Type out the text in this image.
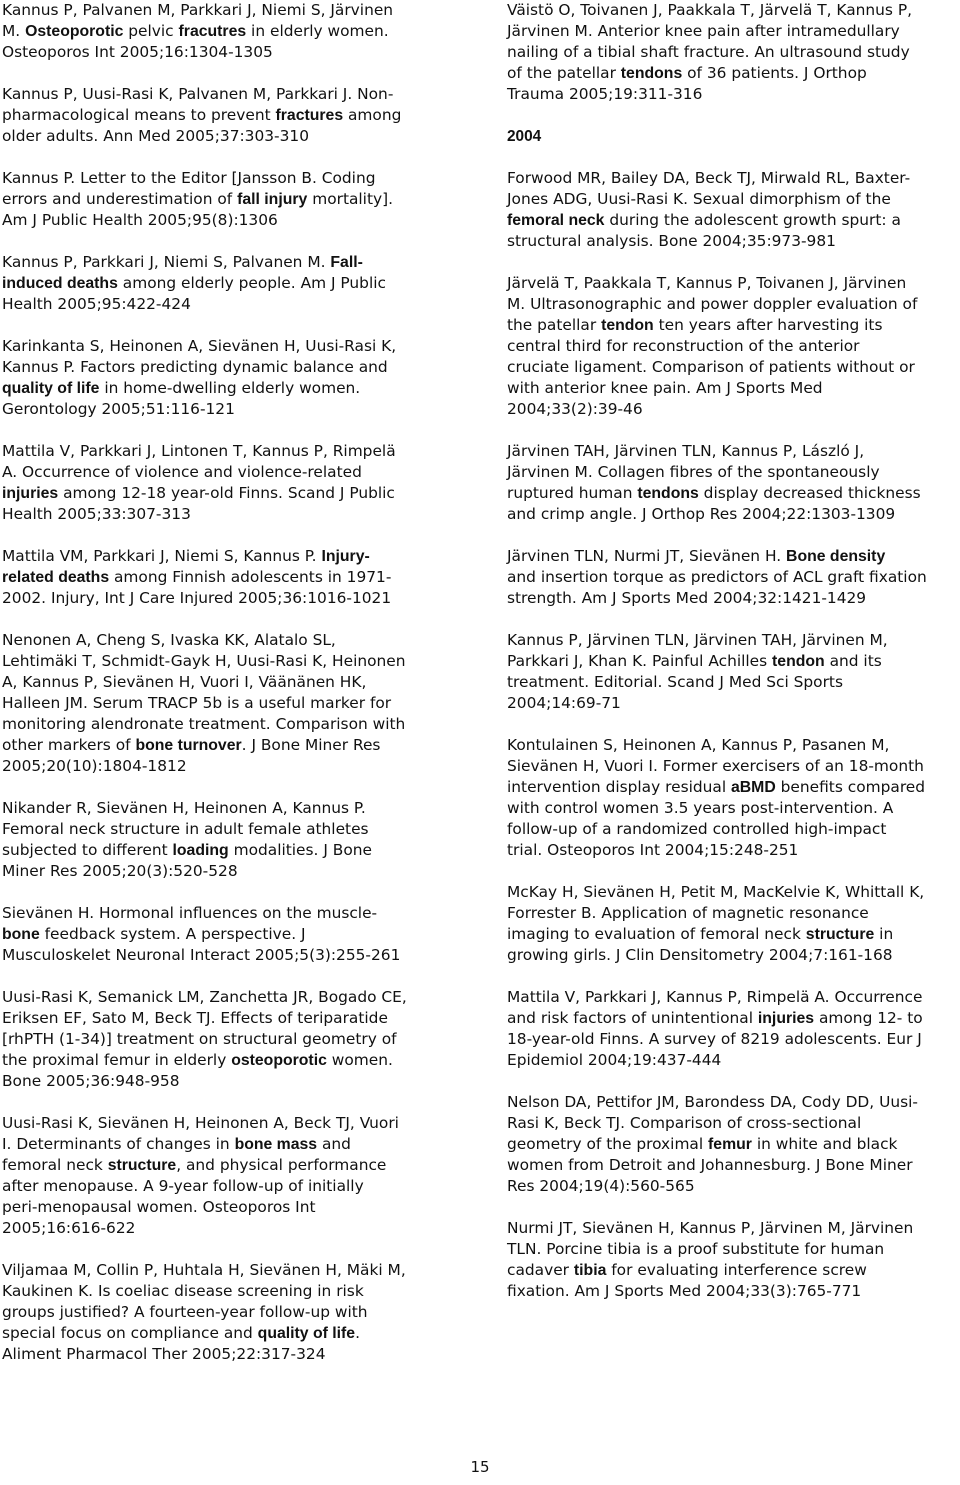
Kannus P, Palvanen M, Parkkari J, Niemi S, Järvinen
M. Osteoporotic pelvic fracutres in elderly women.
Osteoporos Int 2005;16:1304-1305
Kannus P, Uusi-Rasi K, Palvanen M, Parkkari J. Non-
pharmacological means to prevent fractures among
older adults. Ann Med 2005;37:303-310
Kannus P. Letter to the Editor [Jansson B. Coding
errors and underestimation of fall injury mortality].
Am J Public Health 2005;95(8):1306
Kannus P, Parkkari J, Niemi S, Palvanen M. Fall-
induced deaths among elderly people. Am J Public
Health 2005;95:422-424
Karinkanta S, Heinonen A, Sievänen H, Uusi-Rasi K,
Kannus P. Factors predicting dynamic balance and
quality of life in home-dwelling elderly women.
Gerontology 2005;51:116-121
Mattila V, Parkkari J, Lintonen T, Kannus P, Rimpelä
A. Occurrence of violence and violence-related
injuries among 12-18 year-old Finns. Scand J Public
Health 2005;33:307-313
Mattila VM, Parkkari J, Niemi S, Kannus P. Injury-
related deaths among Finnish adolescents in 1971-
2002. Injury, Int J Care Injured 2005;36:1016-1021
Nenonen A, Cheng S, Ivaska KK, Alatalo SL,
Lehtimäki T, Schmidt-Gayk H, Uusi-Rasi K, Heinonen
A, Kannus P, Sievänen H, Vuori I, Väänänen HK,
Halleen JM. Serum TRACP 5b is a useful marker for
monitoring alendronate treatment. Comparison with
other markers of bone turnover. J Bone Miner Res
2005;20(10):1804-1812
Nikander R, Sievänen H, Heinonen A, Kannus P.
Femoral neck structure in adult female athletes
subjected to different loading modalities. J Bone
Miner Res 2005;20(3):520-528
Sievänen H. Hormonal influences on the muscle-
bone feedback system. A perspective. J
Musculoskelet Neuronal Interact 2005;5(3):255-261
Uusi-Rasi K, Semanick LM, Zanchetta JR, Bogado CE,
Eriksen EF, Sato M, Beck TJ. Effects of teriparatide
[rhPTH (1-34)] treatment on structural geometry of
the proximal femur in elderly osteoporotic women.
Bone 2005;36:948-958
Uusi-Rasi K, Sievänen H, Heinonen A, Beck TJ, Vuori
I. Determinants of changes in bone mass and
femoral neck structure, and physical performance
after menopause. A 9-year follow-up of initially
peri-menopausal women. Osteoporos Int
2005;16:616-622
Viljamaa M, Collin P, Huhtala H, Sievänen H, Mäki M,
Kaukinen K. Is coeliac disease screening in risk
groups justified? A fourteen-year follow-up with
special focus on compliance and quality of life.
Aliment Pharmacol Ther 2005;22:317-324
Väistö O, Toivanen J, Paakkala T, Järvelä T, Kannus P,
Järvinen M. Anterior knee pain after intramedullary
nailing of a tibial shaft fracture. An ultrasound study
of the patellar tendons of 36 patients. J Orthop
Trauma 2005;19:311-316
2004
Forwood MR, Bailey DA, Beck TJ, Mirwald RL, Baxter-
Jones ADG, Uusi-Rasi K. Sexual dimorphism of the
femoral neck during the adolescent growth spurt: a
structural analysis. Bone 2004;35:973-981
Järvelä T, Paakkala T, Kannus P, Toivanen J, Järvinen
M. Ultrasonographic and power doppler evaluation of
the patellar tendon ten years after harvesting its
central third for reconstruction of the anterior
cruciate ligament. Comparison of patients without or
with anterior knee pain. Am J Sports Med
2004;33(2):39-46
Järvinen TAH, Järvinen TLN, Kannus P, László J,
Järvinen M. Collagen fibres of the spontaneously
ruptured human tendons display decreased thickness
and crimp angle. J Orthop Res 2004;22:1303-1309
Järvinen TLN, Nurmi JT, Sievänen H. Bone density
and insertion torque as predictors of ACL graft fixation
strength. Am J Sports Med 2004;32:1421-1429
Kannus P, Järvinen TLN, Järvinen TAH, Järvinen M,
Parkkari J, Khan K. Painful Achilles tendon and its
treatment. Editorial. Scand J Med Sci Sports
2004;14:69-71
Kontulainen S, Heinonen A, Kannus P, Pasanen M,
Sievänen H, Vuori I. Former exercisers of an 18-month
intervention display residual aBMD benefits compared
with control women 3.5 years post-intervention. A
follow-up of a randomized controlled high-impact
trial. Osteoporos Int 2004;15:248-251
McKay H, Sievänen H, Petit M, MacKelvie K, Whittall K,
Forrester B. Application of magnetic resonance
imaging to evaluation of femoral neck structure in
growing girls. J Clin Densitometry 2004;7:161-168
Mattila V, Parkkari J, Kannus P, Rimpelä A. Occurrence
and risk factors of unintentional injuries among 12- to
18-year-old Finns. A survey of 8219 adolescents. Eur J
Epidemiol 2004;19:437-444
Nelson DA, Pettifor JM, Barondess DA, Cody DD, Uusi-
Rasi K, Beck TJ. Comparison of cross-sectional
geometry of the proximal femur in white and black
women from Detroit and Johannesburg. J Bone Miner
Res 2004;19(4):560-565
Nurmi JT, Sievänen H, Kannus P, Järvinen M, Järvinen
TLN. Porcine tibia is a proof substitute for human
cadaver tibia for evaluating interference screw
fixation. Am J Sports Med 2004;33(3):765-771
15
